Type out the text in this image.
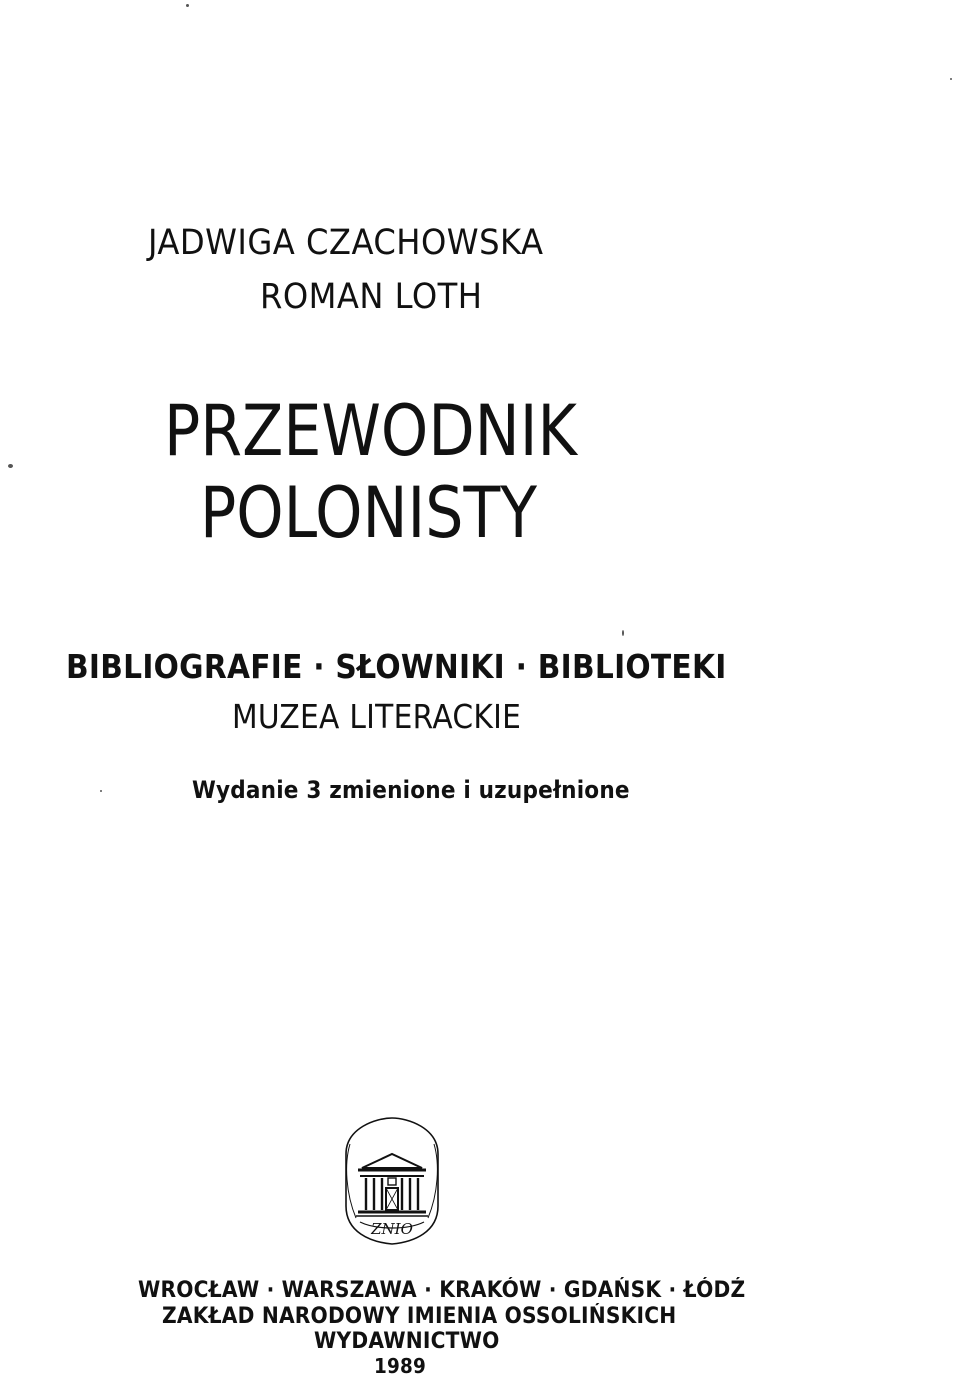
JADWIGA CZACHOWSKA
ROMAN LOTH
PRZEWODNIK
POLONISTY
BIBLIOGRAFIE · SŁOWNIKI · BIBLIOTEKI
MUZEA LITERACKIE
Wydanie 3 zmienione i uzupełnione
ZNIO
WROCŁAW · WARSZAWA · KRAKÓW · GDAŃSK · ŁÓDŹ
ZAKŁAD NARODOWY IMIENIA OSSOLIŃSKICH
WYDAWNICTWO
1989
